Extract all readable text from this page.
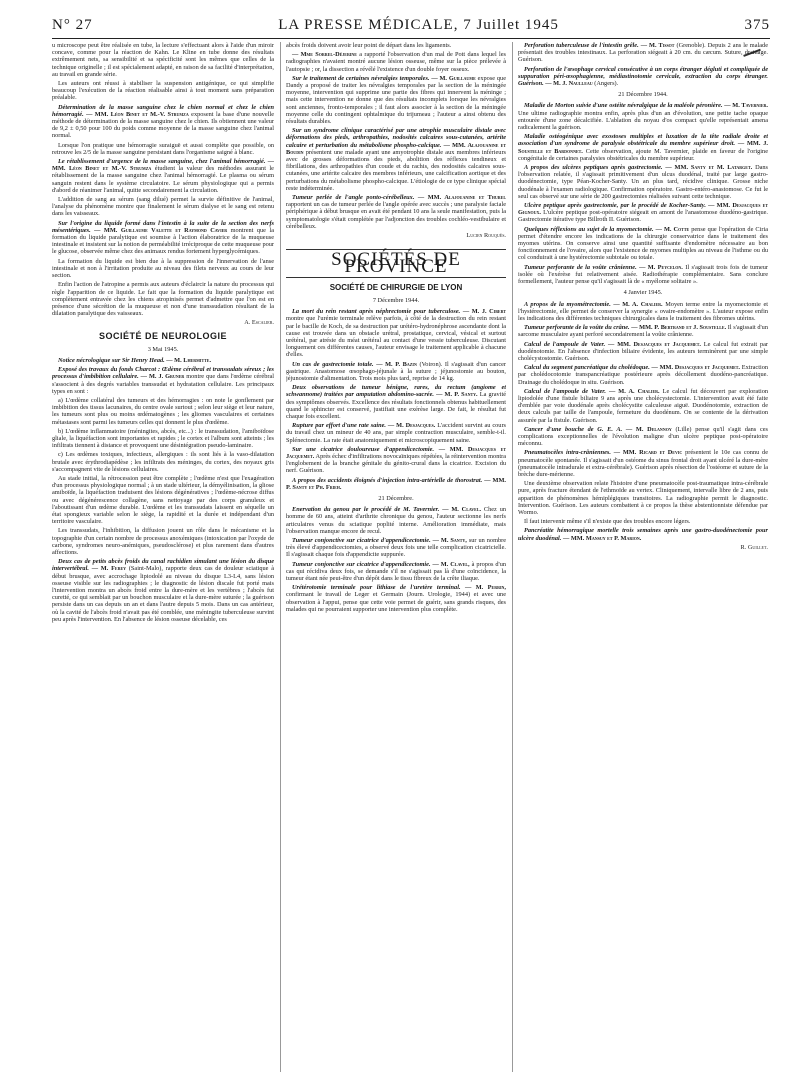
N° 27	LA PRESSE MÉDICALE, 7 Juillet 1945	375

u microscope peut être réalisée en tube, la lecture s'effectuant alors à l'aide d'un miroir concave, comme pour la réaction de Kahn. Le Kline en tube donne des résultats extrêmement nets, sa sensibilité et sa spécificité sont les mêmes que celles de la technique originelle ; il est spécialement adapté, en raison de sa facilité d'interprétation, au travail en grande série.

Les auteurs ont réussi à stabiliser la suspension antigénique, ce qui simplifie beaucoup l'exécution de la réaction réalisable ainsi à tout moment sans préparation préalable.

Détermination de la masse sanguine chez le chien normal et chez le chien hémorragié. — MM. Léon Binet et M.-V. Strumza exposent la base d'une nouvelle méthode de détermination de la masse sanguine chez le chien. Ils obtiennent une valeur de 9,2 ± 0,50 pour 100 du poids comme moyenne de la masse sanguine chez l'animal normal.

Lorsque l'on pratique une hémorragie suraiguë et aussi complète que possible, on retrouve les 2/5 de la masse sanguine persistant dans l'organisme saigné à blanc.

Le rétablissement d'urgence de la masse sanguine, chez l'animal hémorragié. — MM. Léon Binet et M.-V. Strumza étudient la valeur des méthodes assurant le rétablissement de la masse sanguine chez l'animal hémorragié. Le plasma ou sérum sanguin restent dans le système circulatoire. Le sérum physiologique qui a permis d'abord de réanimer l'animal, quitte secondairement la circulation.

L'addition de sang au sérum (sang dilué) permet la survie définitive de l'animal, l'analyse du phénomène montre que finalement le sérum dialyse et le sang est retenu dans les vaisseaux.

Sur l'origine du liquide formé dans l'intestin à la suite de la section des nerfs mésentériques. — MM. Guillaume Valette et Raymond Cavier montrent que la formation du liquide paralytique est soumise à l'action élaboratrice de la muqueuse intestinale et insistent sur la notion de perméabilité irréciproque de cette muqueuse pour le glucose, observée même chez des animaux rendus fortement hyperglycémiques.

La formation du liquide est bien due à la suppression de l'innervation de l'anse intestinale et non à l'irritation produite au niveau des filets nerveux au cours de leur section.

Enfin l'action de l'atropine a permis aux auteurs d'éclaircir la nature du processus qui règle l'apparition de ce liquide. Le fait que la formation du liquide paralytique est complètement entravée chez les chiens atropinisés permet d'admettre que l'on est en présence d'une sécrétion de la muqueuse et non d'une transsudation résultant de la dilatation paralytique des vaisseaux.

A. Escalier.
SOCIÉTÉ DE NEUROLOGIE
3 Mai 1945.

Notice nécrologique sur Sir Henry Head. — M. Lhermitte.

Exposé des travaux du fonds Charcot : Œdème cérébral et transsudats séreux ; les processus d'imbibition cellulaire. — M. J. Gruner montre que dans l'œdème cérébral s'associent à des degrés variables transsudat et hydratation cellulaire. Les principaux types en sont :

a) L'œdème collatéral des tumeurs et des hémorragies : on note le gonflement par imbibition des tissus lacunaires, du centre ovale surtout ; selon leur siège et leur nature, les tumeurs sont plus ou moins œdématogènes ; les gliomes vasculaires et certaines métastases sont parmi les tumeurs celles qui donnent le plus d'œdème.

b) L'œdème inflammatoire (méningites, abcès, etc...) : le transsudation, l'amiboïdose gliale, la liquéfaction sont importantes et rapides ; le cortex et l'album sont atteints ; les infiltrats tiennent à distance et provoquent une désintégration pseudo-laminaire.

c) Les œdèmes toxiques, infectieux, allergiques : ils sont liés à la vaso-dilatation brutale avec érythrodiapédèse ; les infiltrats des méninges, du cortex, des noyaux gris s'accompagnent vite de lésions cellulaires.

Au stade initial, la rétrocession peut être complète ; l'œdème n'est que l'exagération d'un processus physiologique normal ; à un stade ultérieur, la démyélinisation, la gliose amiboïde, la liquéfaction traduisent des lésions dégénératives ; l'œdème-nécrose diffus ou avec dégénérescence collagène, sans nettoyage par des corps granuleux et l'aboutissant d'un œdème durable. L'œdème et les transsudats laissent en séquelle un état spongieux variable selon le siège, la rapidité et la durée et indépendant d'un territoire vasculaire.

Les transsudats, l'inhibition, la diffusion jouent un rôle dans le mécanisme et la topographie d'un certain nombre de processus anoxémiques (intoxication par l'oxyde de carbone, syndromes neuro-anémiques, pseudosclérose) et plus rarement dans d'autres affections.

Deux cas de petits abcès froids du canal rachidien simulant une lésion du disque intervertébral. — M. Ferey (Saint-Malo), rapporte deux cas de douleur sciatique à début brusque, avec accrochage lipiodolé au niveau du disque L3-L4, sans lésion osseuse visible sur les radiographies ; le diagnostic de lésion discale fut porté mais l'intervention montra un abcès froid entre la dure-mère et les vertèbres ; l'abcès fut curetté, ce qui semblait par un bouchon musculaire et la dure-mère suturée ; la guérison persiste dans un cas depuis un an et dans l'autre depuis 5 mois. Dans un cas antérieur, où la cavité de l'abcès froid n'avait pas été comblée, une méningite tuberculeuse survint peu après l'intervention. En l'absence de lésion osseuse décelable, ces

abcès froids doivent avoir leur point de départ dans les ligaments.

— Mme Sorrel-Déjerine a rapporté l'observation d'un mal de Pott dans lequel les radiographies n'avaient montré aucune lésion osseuse, même sur la pièce prélevée à l'autopsie ; or, la dissection a révélé l'existence d'un double foyer osseux.

Sur le traitement de certaines névralgies temporales. — M. Guillaume expose que Dandy a proposé de traiter les névralgies temporales par la section de la méningée moyenne, intervention qui supprime une partie des fibres qui innervent la méninge ; mais cette intervention ne donne que des résultats incomplets lorsque les névralgies sont anciennes, fronto-temporales ; il faut alors associer à la section de la méningée moyenne celle du contingent ophtalmique du trijumeau ; l'auteur a ainsi obtenu des résultats durables.

Sur un syndrome clinique caractérisé par une atrophie musculaire distale avec déformations des pieds, arthropathies, nodosités calcaires sous-cutanées, artérite calcaire et perturbation du métabolisme phospho-calcique. — MM. Alajouanine et Boudin présentent une malade ayant une amyotrophie distale aux membres inférieurs avec de grosses déformations des pieds, abolition des réflexes tendineux et fibrillations, des arthropathies d'un coude et du rachis, des nodosités calcaires sous-cutanées, une artérite calcaire des membres inférieurs, une calcification aortique et des perturbations du métabolisme phospho-calcique. L'étiologie de ce type clinique spécial reste indéterminée.

Tumeur perlée de l'angle ponto-cérébelleux. — MM. Alajouanine et Thurel rapportent un cas de tumeur perlée de l'angle opérée avec succès ; une paralysie faciale périphérique à début brusque en avait été pendant 10 ans la seule manifestation, puis la symptomatologie s'était complétée par l'adjonction des troubles cochléo-vestibulaire et cérébelleux.

Lucien Rouquès.
SOCIÉTÉS DE PROVINCE
SOCIÉTÉ DE CHIRURGIE DE LYON
7 Décembre 1944.

La mort du rein restant après néphrectomie pour tuberculose. — M. J. Cibert montre que l'urémie terminale relève parfois, à côté de la destruction du rein restant par le bacille de Koch, de sa destruction par urétéro-hydronéphrose ascendante dont la cause est trouvée dans un obstacle urétral, prostatique, cervical, vésical et surtout urétéral, par atrésie du méat urétéral au contact d'une vessie tuberculeuse. Discutant longuement ces différentes causes, l'auteur envisage le traitement applicable à chacune d'elles.

Un cas de gastrectomie totale. — M. P. Bazin (Voiron). Il s'agissait d'un cancer gastrique. Anastomose œsophago-jéjunale à la suture ; jéjunostomie au bouton, jéjunostomie d'alimentation. Trois mois plus tard, reprise de 14 kg.

Deux observations de tumeur bénigne, rares, du rectum (angiome et schwannome) traitées par amputation abdomino-sacrée. — M. P. Santy. La gravité des symptômes observés. Excellence des résultats fonctionnels obtenus habituellement quand le sphincter est conservé, justifiait une exérèse large. De fait, le résultat fut chaque fois excellent.

Rupture par effort d'une rate saine. — M. Desjacques. L'accident survint au cours du travail chez un mineur de 40 ans, par simple contraction musculaire, semble-t-il. Splénectomie. La rate était anatomiquement et microscopiquement saine.

Sur une cicatrice douloureuse d'appendicectomie. — MM. Desjacques et Jacquemet. Après échec d'infiltrations novocaïniques répétées, la réintervention montra l'englobement de la branche génitale du génito-crural dans la cicatrice. Excision du nerf. Guérison.

A propos des accidents éloignés d'injection intra-artérielle de thorostrat. — MM. P. Santy et Ph. Frieh.

21 Décembre.

Enervation du genou par le procédé de M. Tavernier. — M. Clavel. Chez un homme de 60 ans, atteint d'arthrite chronique du genou, l'auteur sectionne les nerfs articulaires venus du sciatique poplité interne. Amélioration immédiate, mais l'observation manque encore de recul.

Tumeur conjonctive sur cicatrice d'appendicectomie. — M. Santy, sur un nombre très élevé d'appendicectomies, a observé deux fois une telle complication cicatricielle. Il s'agissait chaque fois d'appendicite suppurée.

Tumeur conjonctive sur cicatrice d'appendicectomie. — M. Clavel, à propos d'un cas qui récidiva deux fois, se demande s'il ne s'agissait pas là d'une coïncidence, la tumeur étant née peut-être d'un dépôt dans le tissu fibreux de la crête iliaque.

Urétérotomie terminale pour lithiase de l'uretère terminal. — M. Perrin, confirmant le travail de Leger et Germain (Journ. Urologie, 1944) et avec une observation à l'appui, pense que cette voie permet de guérir, sans grands risques, des malades qui ne pourraient supporter une intervention plus complète.

Perforation tuberculeuse de l'intestin grêle. — M. Tissot (Grenoble). Depuis 2 ans le malade présentait des troubles intestinaux. La perforation siégeait à 20 cm. du cæcum. Suture, drainage. Guérison.

Perforation de l'œsophage cervical consécutive à un corps étranger dégluti et compliquée de suppuration péri-œsophagienne, médiastinotomie cervicale, extraction du corps étranger. Guérison. — M. J. Naulleau (Angers).

21 Décembre 1944.

Maladie de Morton suivie d'une ostéite névralgique de la maléole péronière. — M. Tavernier. Une ultime radiographie montra enfin, après plus d'un an d'évolution, une petite tache opaque entourée d'une zone décalcifiée. L'ablation du noyau d'os compact qu'elle représentait amena radicalement la guérison.

Maladie ostéogénique avec exostoses multiples et luxation de la tête radiale droite et association d'un syndrome de paralysie obstétricale du membre supérieur droit. — MM. J. Soustelle et Bardonnet. Cette observation, ajoute M. Tavernier, plaide en faveur de l'origine congénitale de certaines paralysies obstétricales du membre supérieur.

A propos des ulcères peptiques après gastrectomie. — MM. Santy et M. Latarget. Dans l'observation relatée, il s'agissait primitivement d'un ulcus duodénal, traité par large gastro-duodénectomie, type Péan-Kocher-Santy. Un an plus tard, récidive clinique. Grosse niche duodénale à l'examen radiologique. Confirmation opératoire. Gastro-entéro-anastomose. Ce fut le seul cas observé sur une série de 200 gastrectomies réalisées suivant cette technique.

Ulcère peptique après gastrectomie, par le procédé de Kocher-Santy. — MM. Desjacques et Gignoux. L'ulcère peptique post-opératoire siégeait en amont de l'anastomose duodéno-gastrique. Gastrectomie itérative type Billroth II. Guérison.

Quelques réflexions au sujet de la myomectomie. — M. Cotte pense que l'opération de Ciria permet d'étendre encore les indications de la chirurgie conservatrice dans le traitement des myomes utérins. On conserve ainsi une quantité suffisante d'endomètre nécessaire au bon fonctionnement de l'ovaire, alors que l'existence de myomes multiples au niveau de l'isthme ou du col conduirait à une hystérectomie subtotale ou totale.

Tumeur perforante de la voûte crânienne. — M. Peycelon. Il s'agissait trois fois de tumeur isolée où l'exérèse fut relativement aisée. Radiothérapie complémentaire. Sans conclure formellement, l'auteur pense qu'il s'agissait là de « myélome solitaire ».

4 Janvier 1945.

A propos de la myométrectomie. — M. A. Chalier. Moyen terme entre la myomectomie et l'hystérectomie, elle permet de conserver la synergie « ovaire-endomètre ». L'auteur expose enfin les indications des différentes techniques chirurgicales dans le traitement des fibromes utérins.

Tumeur perforante de la voûte du crâne. — MM. P. Bertrand et J. Soustelle. Il s'agissait d'un sarcome musculaire ayant perforé secondairement la voûte crânienne.

Calcul de l'ampoule de Vater. — MM. Desjacques et Jacquemet. Le calcul fut extrait par duodénotomie. En l'absence d'infection biliaire évidente, les auteurs terminèrent par une simple cholécystostomie. Guérison.

Calcul du segment pancréatique du cholédoque. — MM. Desjacques et Jacquemet. Extraction par cholédocotomie transpancréatique postérieure après décollement duodéno-pancréatique. Drainage du cholédoque in situ. Guérison.

Calcul de l'ampoule de Vater. — M. A. Chalier. Le calcul fut découvert par exploration lipiodolée d'une fistule biliaire 9 ans après une cholécystectomie. L'intervention avait été faite d'emblée par voie duodénale après cholécystite calculeuse aiguë. Duodénotomie, extraction de deux calculs par taille de l'ampoule, fermeture du duodénum. On se contente de la dérivation assurée par la fistule. Guérison.

Cancer d'une bouche de G. E. A. — M. Delannoy (Lille) pense qu'il s'agit dans ces complications exceptionnelles de l'évolution maligne d'un ulcère peptique post-opératoire méconnu.

Pneumatocèles intra-crâniennes. — MM. Ricard et Devic présentent le 10e cas connu de pneumatocèle spontanée. Il s'agissait d'un ostéome du sinus frontal droit ayant ulcéré la dure-mère (pneumatocèle intradurale et extra-cérébrale). Guérison après résection de l'ostéome et suture de la brèche dure-mérienne.

Une deuxième observation relate l'histoire d'une pneumatocèle post-traumatique intra-cérébrale pure, après fracture étendant de l'ethmoïde au vertex. Cliniquement, intervalle libre de 2 ans, puis apparition de phénomènes hémiplégiques transitoires. La radiographie permit le diagnostic. Intervention. Guérison. Les auteurs combattent à ce propos la thèse abstentionniste défendue par Wormo.

Il faut intervenir même s'il n'existe que des troubles encore légers.

Pancréatite hémorragique mortelle trois semaines après une gastro-duodénectomie pour ulcère duodénal. — MM. Mansuy et P. Marion.

R. Guillet.
